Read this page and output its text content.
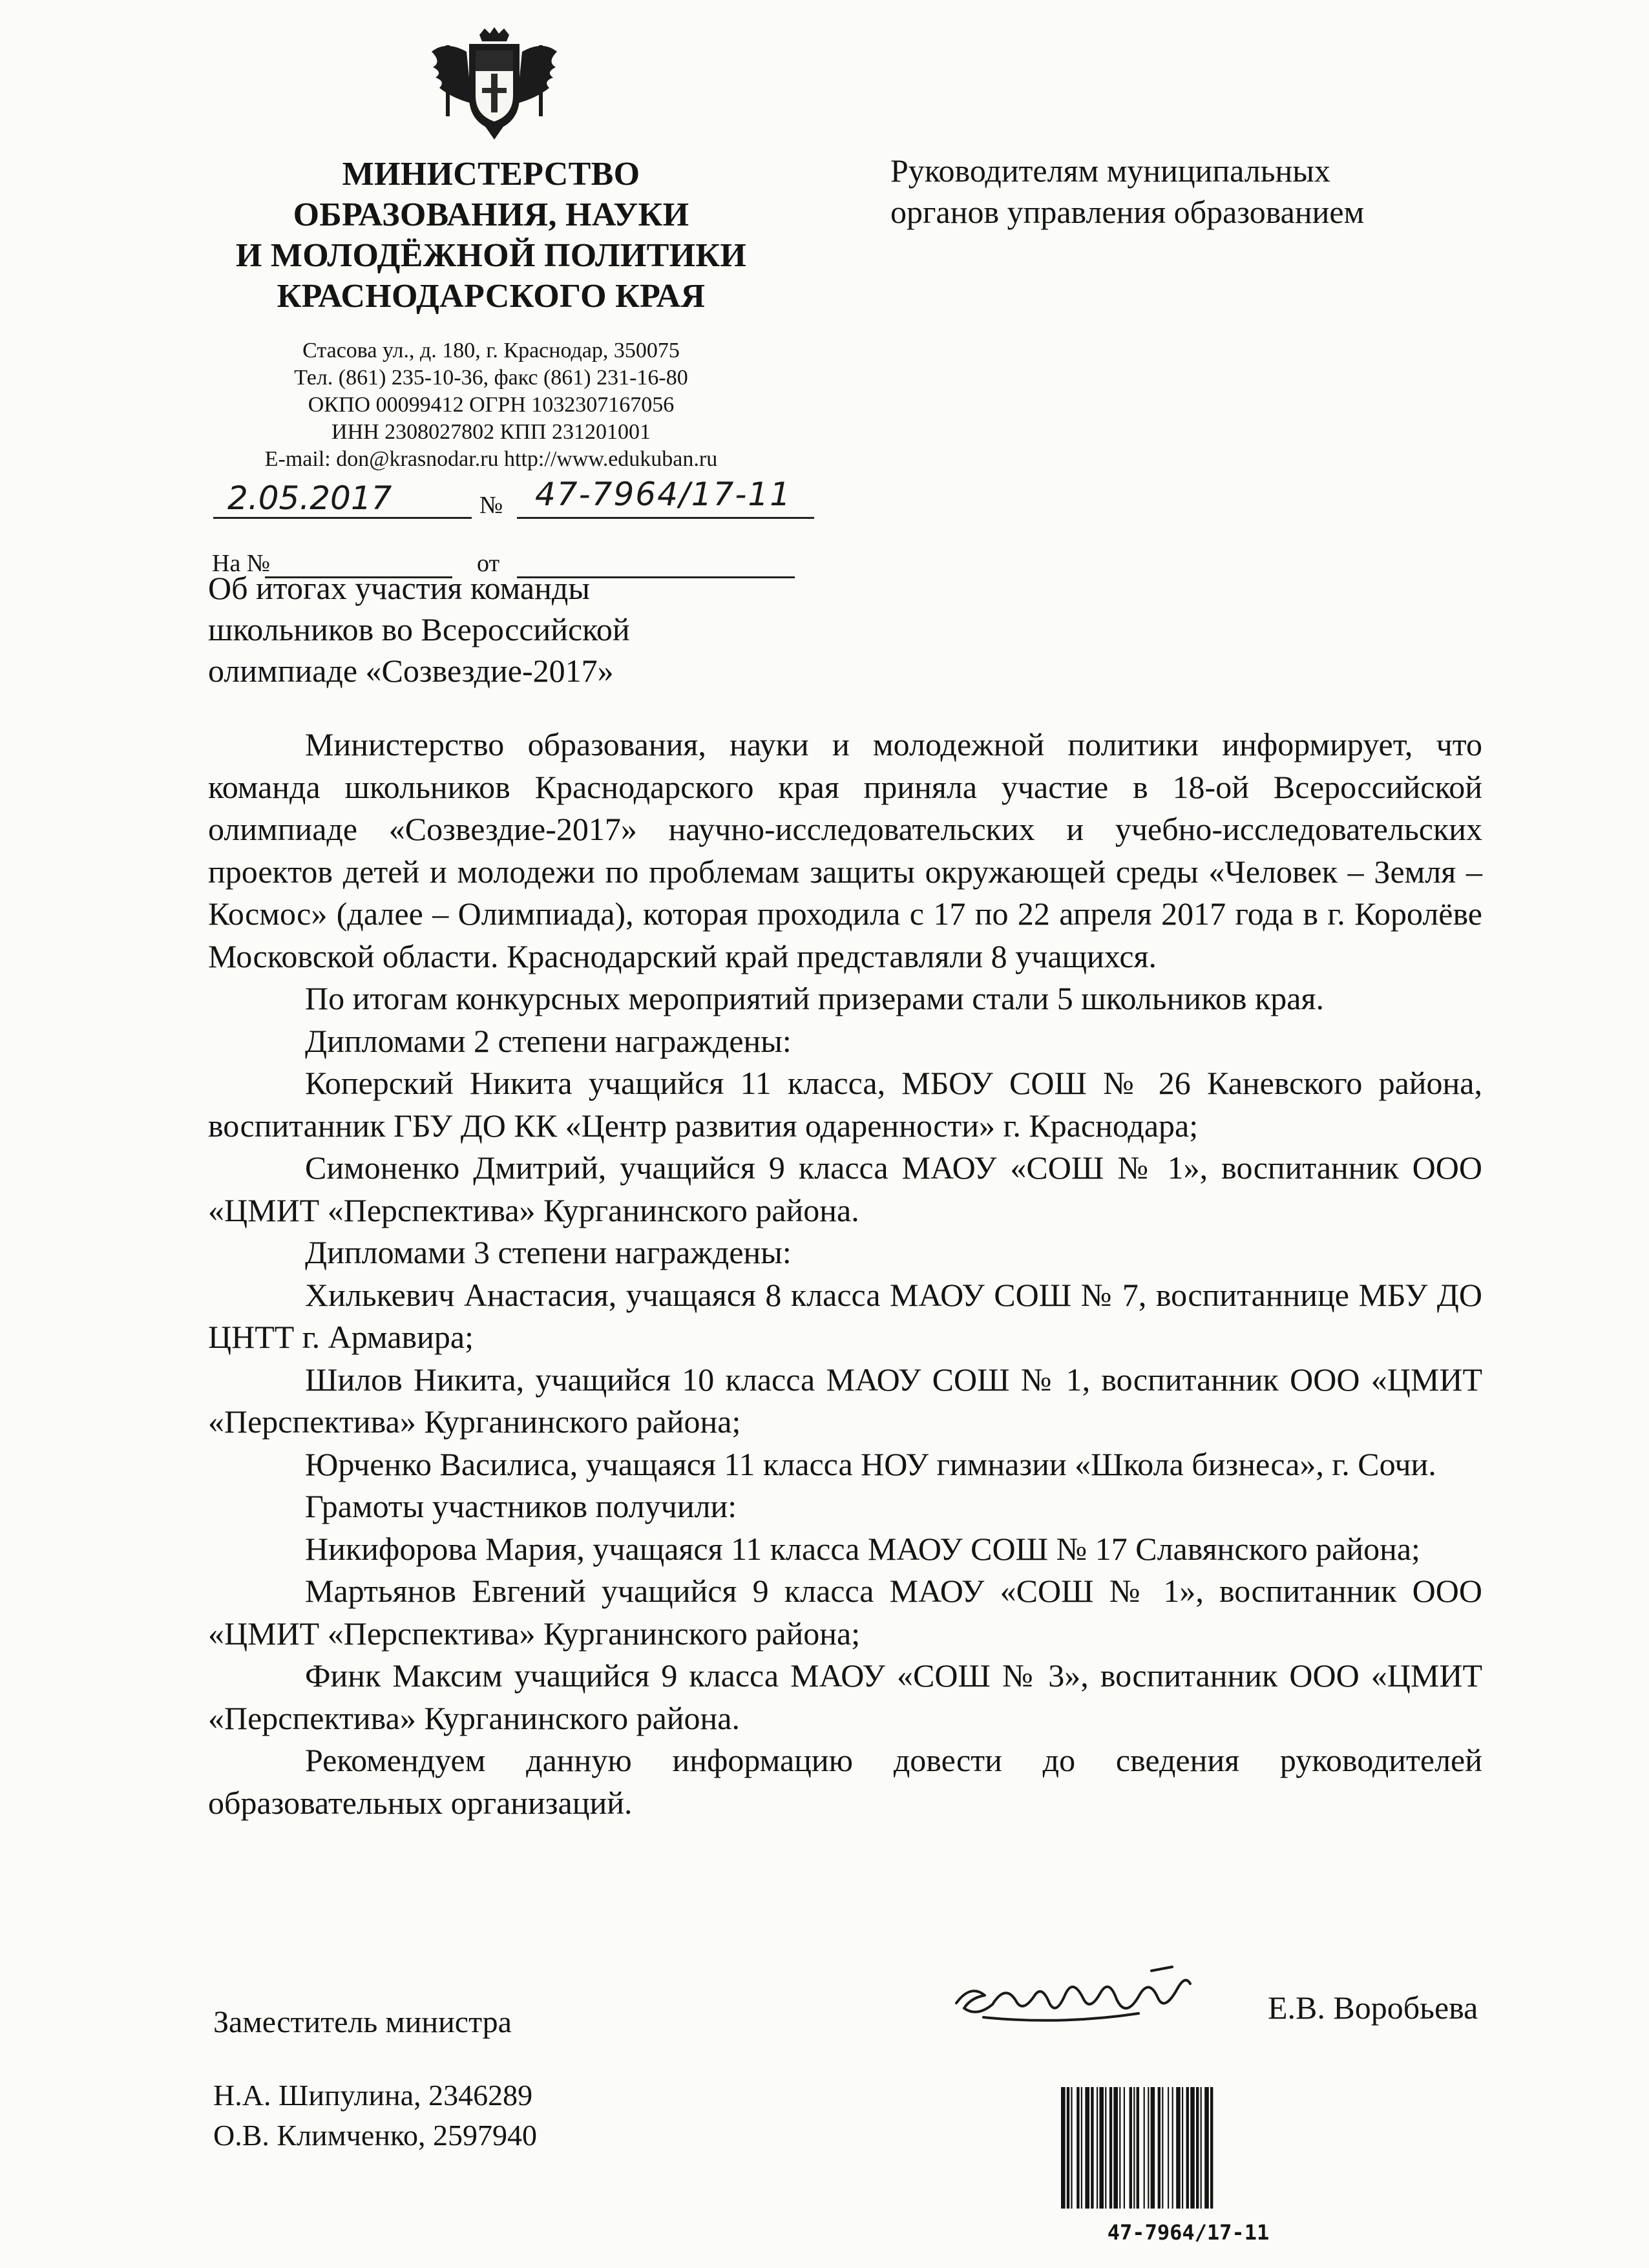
МИНИСТЕРСТВО
ОБРАЗОВАНИЯ, НАУКИ
И МОЛОДЁЖНОЙ ПОЛИТИКИ
КРАСНОДАРСКОГО КРАЯ
Стасова ул., д. 180, г. Краснодар, 350075
Тел. (861) 235-10-36, факс (861) 231-16-80
ОКПО 00099412 ОГРН 1032307167056
ИНН 2308027802 КПП 231201001
E-mail: don@krasnodar.ru http://www.edukuban.ru
Руководителям муниципальных
органов управления образованием
2.05.2017	№ 47-7964/17-11
На №	от
Об итогах участия команды
школьников во Всероссийской
олимпиаде «Созвездие-2017»

Министерство образования, науки и молодежной политики информирует, что команда школьников Краснодарского края приняла участие в 18-ой Всероссийской олимпиаде «Созвездие-2017» научно-исследовательских и учебно-исследовательских проектов детей и молодежи по проблемам защиты окружающей среды «Человек – Земля – Космос» (далее – Олимпиада), которая проходила с 17 по 22 апреля 2017 года в г. Королёве Московской области. Краснодарский край представляли 8 учащихся.

По итогам конкурсных мероприятий призерами стали 5 школьников края.

Дипломами 2 степени награждены:

Коперский Никита учащийся 11 класса, МБОУ СОШ № 26 Каневского района, воспитанник ГБУ ДО КК «Центр развития одаренности» г. Краснодара;

Симоненко Дмитрий, учащийся 9 класса МАОУ «СОШ № 1», воспитанник ООО «ЦМИТ «Перспектива» Курганинского района.

Дипломами 3 степени награждены:

Хилькевич Анастасия, учащаяся 8 класса МАОУ СОШ № 7, воспитаннице МБУ ДО ЦНТТ г. Армавира;

Шилов Никита, учащийся 10 класса МАОУ СОШ № 1, воспитанник ООО «ЦМИТ «Перспектива» Курганинского района;

Юрченко Василиса, учащаяся 11 класса НОУ гимназии «Школа бизнеса», г. Сочи.

Грамоты участников получили:

Никифорова Мария, учащаяся 11 класса МАОУ СОШ № 17 Славянского района;

Мартьянов Евгений учащийся 9 класса МАОУ «СОШ № 1», воспитанник ООО «ЦМИТ «Перспектива» Курганинского района;

Финк Максим учащийся 9 класса МАОУ «СОШ № 3», воспитанник ООО «ЦМИТ «Перспектива» Курганинского района.

Рекомендуем данную информацию довести до сведения руководителей образовательных организаций.

Заместитель министра	Е.В. Воробьева
Н.А. Шипулина, 2346289
О.В. Климченко, 2597940
47-7964/17-11
